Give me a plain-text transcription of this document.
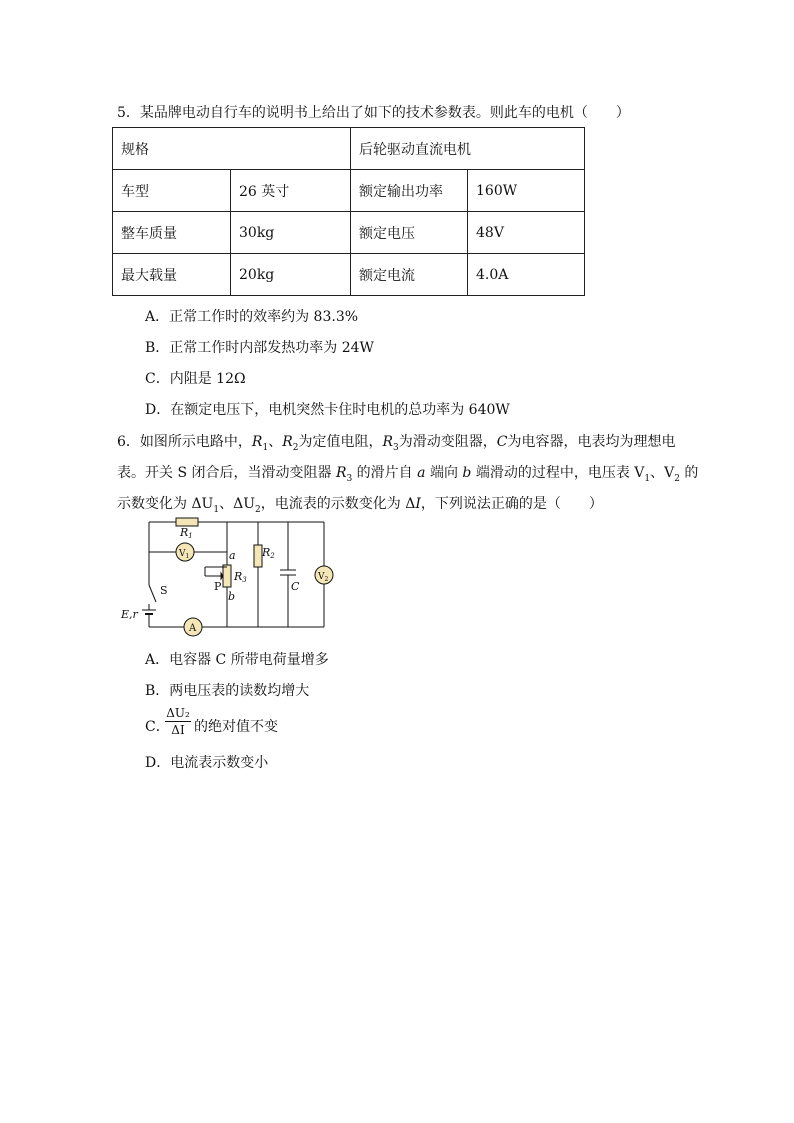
5．某品牌电动自行车的说明书上给出了如下的技术参数表。则此车的电机（　　）
规格		后轮驱动直流电机	
车型	26 英寸	额定输出功率	160W
整车质量	30kg	额定电压	48V
最大载量	20kg	额定电流	4.0A
A．正常工作时的效率约为 83.3%
B．正常工作时内部发热功率为 24W
C．内阻是 12Ω
D．在额定电压下，电机突然卡住时电机的总功率为 640W
6．如图所示电路中，$R_1$、$R_2$为定值电阻，$R_3$为滑动变阻器，C为电容器，电表均为理想电
表。开关 S 闭合后，当滑动变阻器 $R_3$ 的滑片自 a 端向 b 端滑动的过程中，电压表 $V_1$、$V_2$ 的
示数变化为 $\Delta U_1$、$\Delta U_2$，电流表的示数变化为 ΔI，下列说法正确的是（　　）
R1
$V_1$	a
R3
P
b
R2
C
$V_2$
S
E,r
A
A．电容器 C 所带电荷量增多
B．两电压表的读数均增大
C．
ΔU₂
ΔI 的绝对值不变
D．电流表示数变小
